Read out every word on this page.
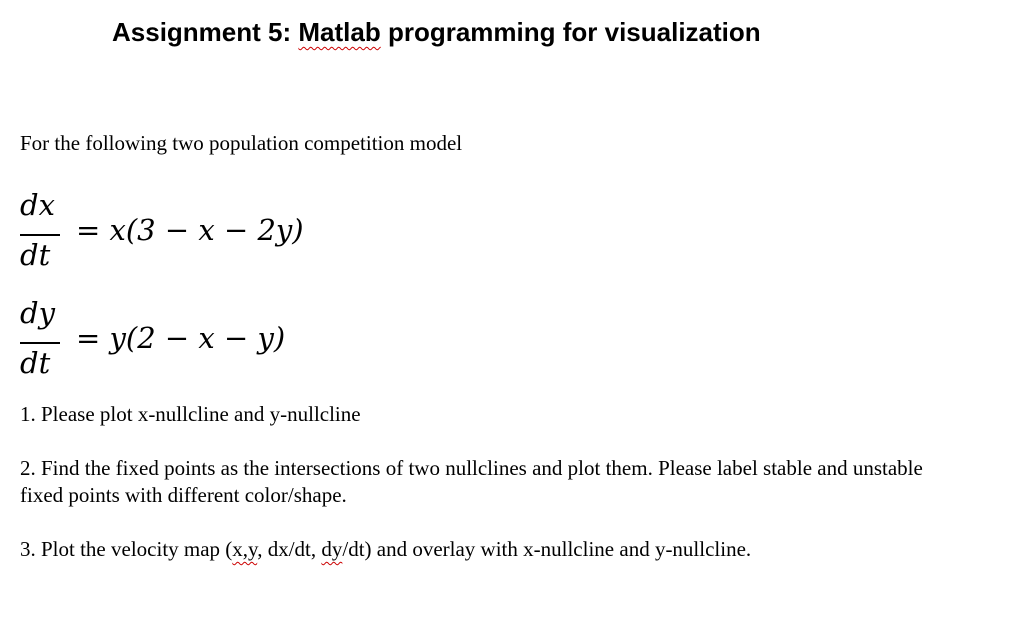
Assignment 5: Matlab programming for visualization
For the following two population competition model
dx
dt
= x(3 − x − 2y)
dy
dt
= y(2 − x − y)
1. Please plot x-nullcline and y-nullcline
2. Find the fixed points as the intersections of two nullclines and plot them. Please label stable and unstable fixed points with different color/shape.
3. Plot the velocity map (x,y, dx/dt, dy/dt) and overlay with x-nullcline and y-nullcline.
